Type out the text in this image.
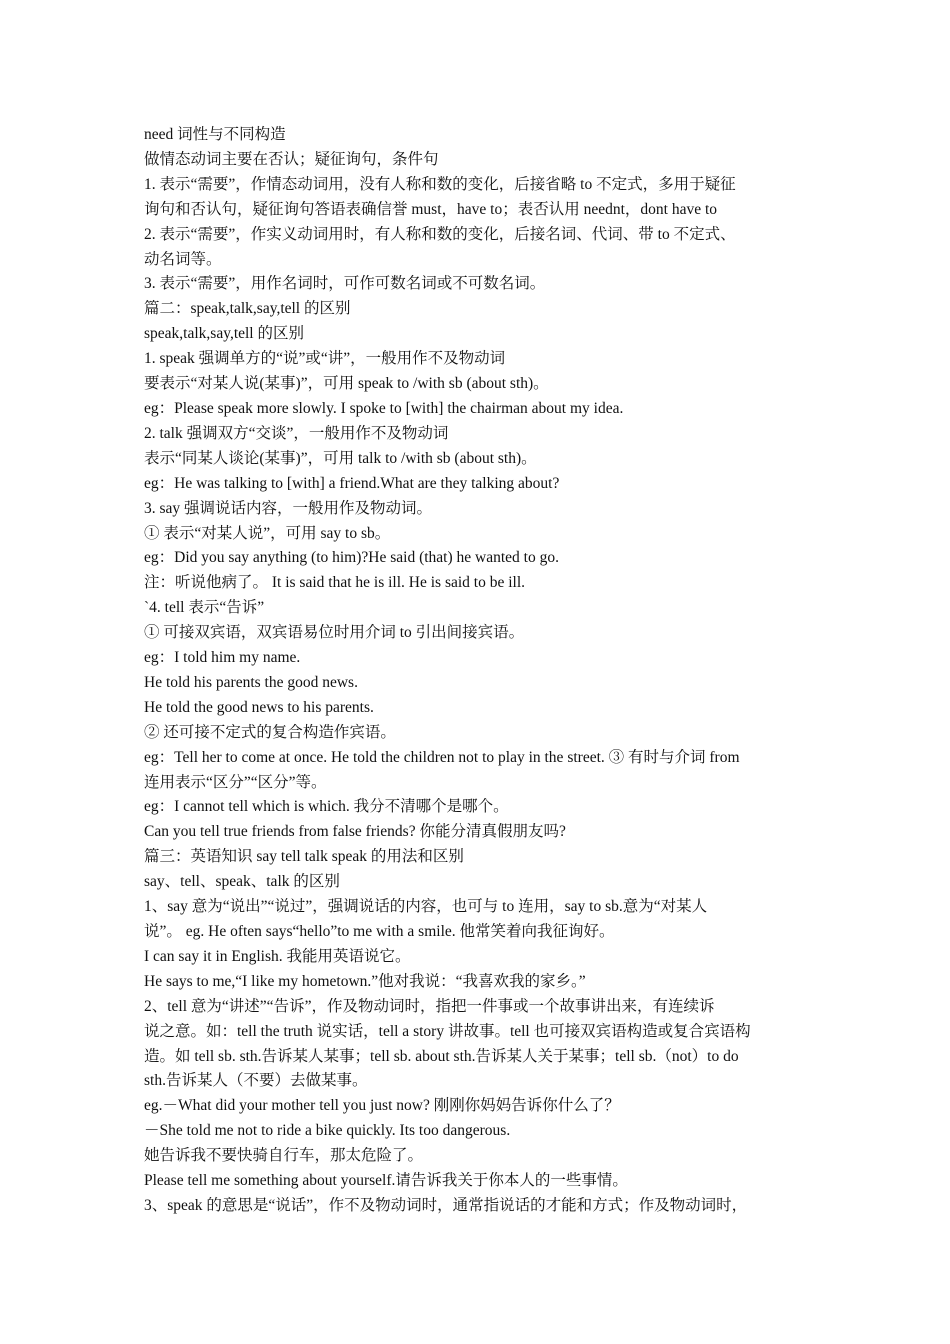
need 词性与不同构造
做情态动词主要在否认；疑征询句，条件句
1. 表示“需要”，作情态动词用，没有人称和数的变化，后接省略 to 不定式，多用于疑征
询句和否认句，疑征询句答语表确信誉 must，have to；表否认用 neednt，dont have to
2. 表示“需要”，作实义动词用时，有人称和数的变化，后接名词、代词、带 to 不定式、
动名词等。
3. 表示“需要”，用作名词时，可作可数名词或不可数名词。
篇二：speak,talk,say,tell 的区别
speak,talk,say,tell 的区别
1. speak 强调单方的“说”或“讲”，一般用作不及物动词
要表示“对某人说(某事)”，可用 speak to /with sb (about sth)。
eg：Please speak more slowly. I spoke to [with] the chairman about my idea.
2. talk 强调双方“交谈”，一般用作不及物动词
表示“同某人谈论(某事)”，可用 talk to /with sb (about sth)。
eg：He was talking to [with] a friend.What are they talking about?
3. say 强调说话内容，一般用作及物动词。
① 表示“对某人说”，可用 say to sb。
eg：Did you say anything (to him)?He said (that) he wanted to go.
注：听说他病了。 It is said that he is ill. He is said to be ill.
`4. tell 表示“告诉”
① 可接双宾语，双宾语易位时用介词 to 引出间接宾语。
eg：I told him my name.
He told his parents the good news.
He told the good news to his parents.
② 还可接不定式的复合构造作宾语。
eg：Tell her to come at once. He told the children not to play in the street. ③ 有时与介词 from
连用表示“区分”“区分”等。
eg：I cannot tell which is which. 我分不清哪个是哪个。
Can you tell true friends from false friends? 你能分清真假朋友吗?
篇三：英语知识 say tell talk speak 的用法和区别
say、tell、speak、talk 的区别
1、say 意为“说出”“说过”，强调说话的内容，也可与 to 连用，say to sb.意为“对某人
说”。 eg. He often says“hello”to me with a smile. 他常笑着向我征询好。
I can say it in English. 我能用英语说它。
He says to me,“I like my hometown.”他对我说：“我喜欢我的家乡。”
2、tell 意为“讲述”“告诉”，作及物动词时，指把一件事或一个故事讲出来，有连续诉
说之意。如：tell the truth 说实话，tell a story 讲故事。tell 也可接双宾语构造或复合宾语构
造。如 tell sb. sth.告诉某人某事；tell sb. about sth.告诉某人关于某事；tell sb.（not）to do
sth.告诉某人（不要）去做某事。
eg.－What did your mother tell you just now? 刚刚你妈妈告诉你什么了？
－She told me not to ride a bike quickly. Its too dangerous.
她告诉我不要快骑自行车，那太危险了。
Please tell me something about yourself.请告诉我关于你本人的一些事情。
3、speak 的意思是“说话”，作不及物动词时，通常指说话的才能和方式；作及物动词时，
